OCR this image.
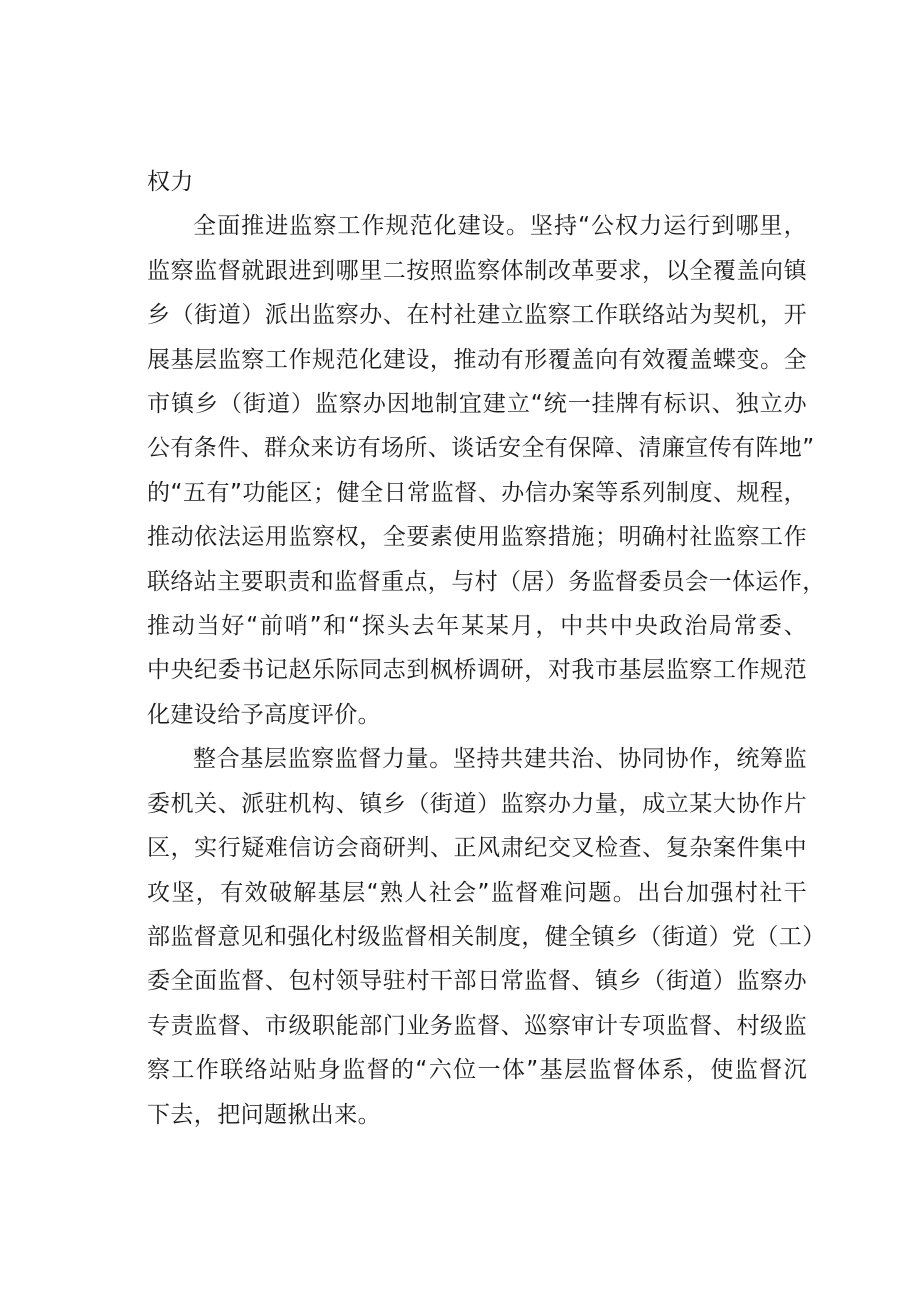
权力
全面推进监察工作规范化建设。坚持“公权力运行到哪里，
监察监督就跟进到哪里二按照监察体制改革要求，以全覆盖向镇
乡（街道）派出监察办、在村社建立监察工作联络站为契机，开
展基层监察工作规范化建设，推动有形覆盖向有效覆盖蝶变。全
市镇乡（街道）监察办因地制宜建立“统一挂牌有标识、独立办
公有条件、群众来访有场所、谈话安全有保障、清廉宣传有阵地”
的“五有”功能区；健全日常监督、办信办案等系列制度、规程，
推动依法运用监察权，全要素使用监察措施；明确村社监察工作
联络站主要职责和监督重点，与村（居）务监督委员会一体运作，
推动当好“前哨”和“探头去年某某月，中共中央政治局常委、
中央纪委书记赵乐际同志到枫桥调研，对我市基层监察工作规范
化建设给予高度评价。
整合基层监察监督力量。坚持共建共治、协同协作，统筹监
委机关、派驻机构、镇乡（街道）监察办力量，成立某大协作片
区，实行疑难信访会商研判、正风肃纪交叉检查、复杂案件集中
攻坚，有效破解基层“熟人社会”监督难问题。出台加强村社干
部监督意见和强化村级监督相关制度，健全镇乡（街道）党（工）
委全面监督、包村领导驻村干部日常监督、镇乡（街道）监察办
专责监督、市级职能部门业务监督、巡察审计专项监督、村级监
察工作联络站贴身监督的“六位一体”基层监督体系，使监督沉
下去，把问题揪出来。
